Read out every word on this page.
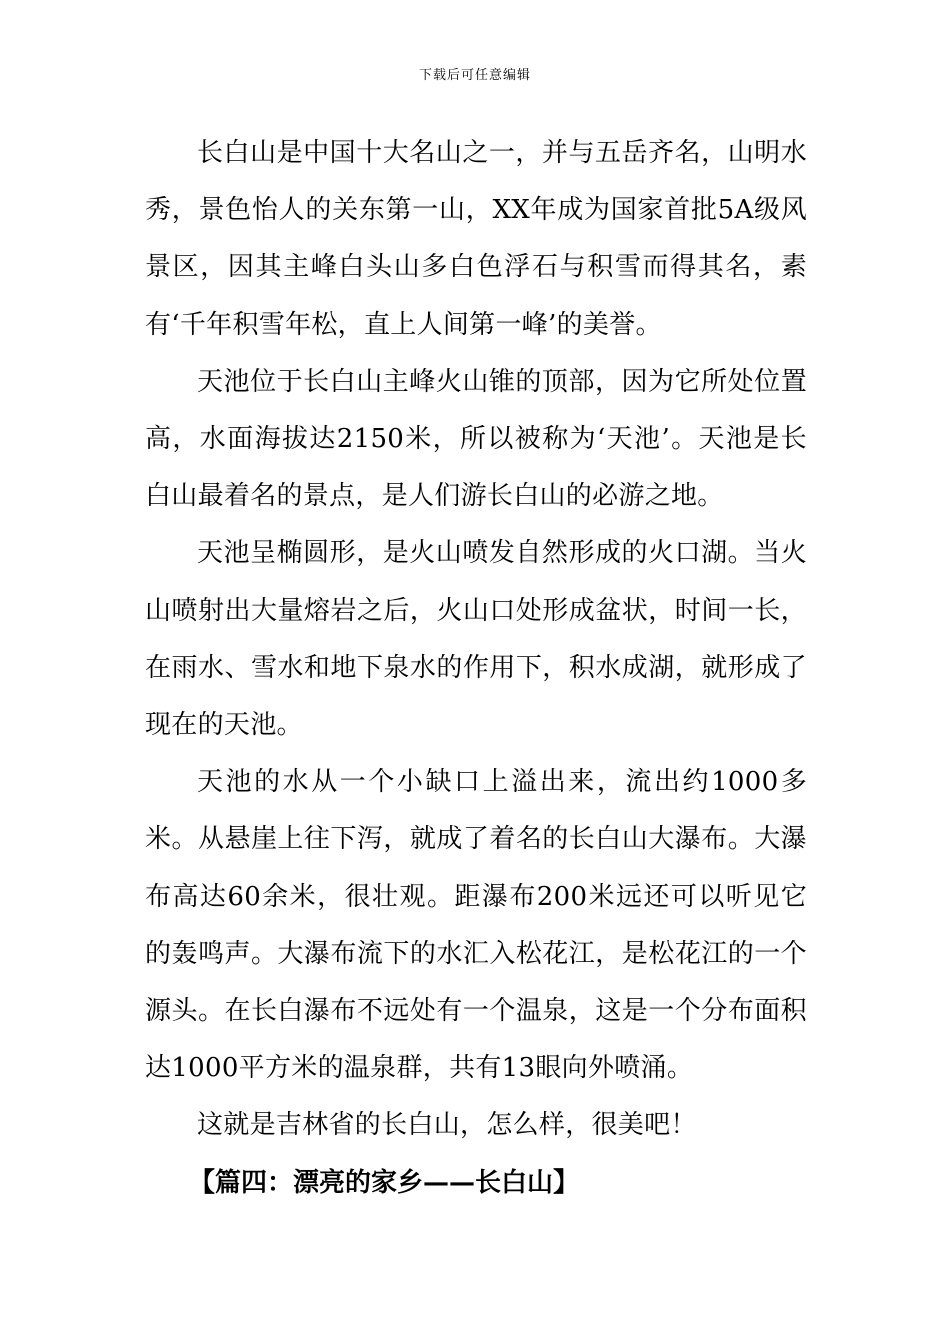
下载后可任意编辑

长白山是中国十大名山之一，并与五岳齐名，山明水秀，景色怡人的关东第一山，XX年成为国家首批5A级风景区，因其主峰白头山多白色浮石与积雪而得其名，素有‘千年积雪年松，直上人间第一峰’的美誉。

天池位于长白山主峰火山锥的顶部，因为它所处位置高，水面海拔达2150米，所以被称为‘天池’。天池是长白山最着名的景点，是人们游长白山的必游之地。

天池呈椭圆形，是火山喷发自然形成的火口湖。当火山喷射出大量熔岩之后，火山口处形成盆状，时间一长，在雨水、雪水和地下泉水的作用下，积水成湖，就形成了现在的天池。

天池的水从一个小缺口上溢出来，流出约1000多米。从悬崖上往下泻，就成了着名的长白山大瀑布。大瀑布高达60余米，很壮观。距瀑布200米远还可以听见它的轰鸣声。大瀑布流下的水汇入松花江，是松花江的一个源头。在长白瀑布不远处有一个温泉，这是一个分布面积达1000平方米的温泉群，共有13眼向外喷涌。

这就是吉林省的长白山，怎么样，很美吧！

【篇四：漂亮的家乡——长白山】
